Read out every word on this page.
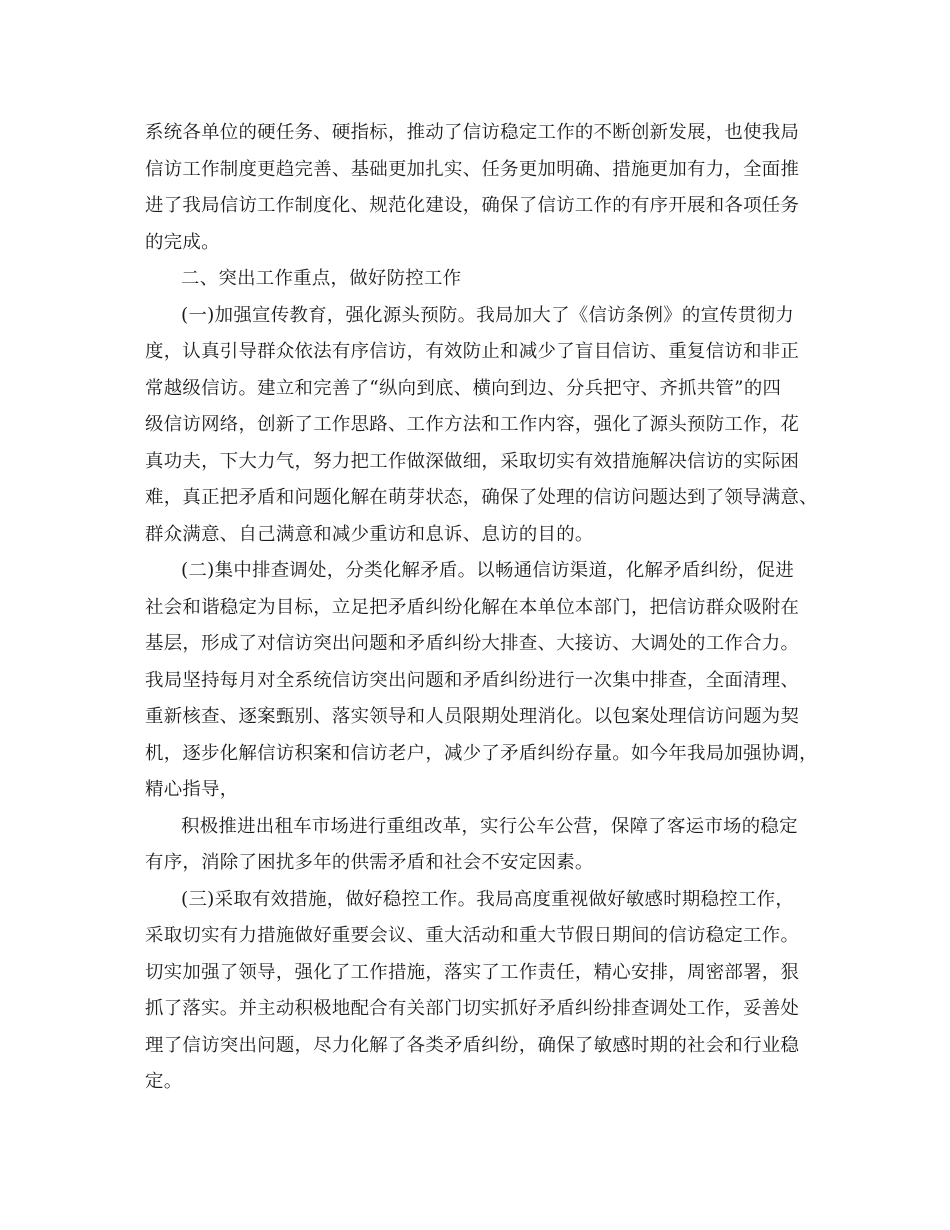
系统各单位的硬任务、硬指标，推动了信访稳定工作的不断创新发展，也使我局
信访工作制度更趋完善、基础更加扎实、任务更加明确、措施更加有力，全面推
进了我局信访工作制度化、规范化建设，确保了信访工作的有序开展和各项任务
的完成。
二、突出工作重点，做好防控工作
(一)加强宣传教育，强化源头预防。我局加大了《信访条例》的宣传贯彻力
度，认真引导群众依法有序信访，有效防止和减少了盲目信访、重复信访和非正
常越级信访。建立和完善了“纵向到底、横向到边、分兵把守、齐抓共管”的四
级信访网络，创新了工作思路、工作方法和工作内容，强化了源头预防工作，花
真功夫，下大力气，努力把工作做深做细，采取切实有效措施解决信访的实际困
难，真正把矛盾和问题化解在萌芽状态，确保了处理的信访问题达到了领导满意、
群众满意、自己满意和减少重访和息诉、息访的目的。
(二)集中排查调处，分类化解矛盾。以畅通信访渠道，化解矛盾纠纷，促进
社会和谐稳定为目标，立足把矛盾纠纷化解在本单位本部门，把信访群众吸附在
基层，形成了对信访突出问题和矛盾纠纷大排查、大接访、大调处的工作合力。
我局坚持每月对全系统信访突出问题和矛盾纠纷进行一次集中排查，全面清理、
重新核查、逐案甄别、落实领导和人员限期处理消化。以包案处理信访问题为契
机，逐步化解信访积案和信访老户，减少了矛盾纠纷存量。如今年我局加强协调，
精心指导，
积极推进出租车市场进行重组改革，实行公车公营，保障了客运市场的稳定
有序，消除了困扰多年的供需矛盾和社会不安定因素。
(三)采取有效措施，做好稳控工作。我局高度重视做好敏感时期稳控工作，
采取切实有力措施做好重要会议、重大活动和重大节假日期间的信访稳定工作。
切实加强了领导，强化了工作措施，落实了工作责任，精心安排，周密部署，狠
抓了落实。并主动积极地配合有关部门切实抓好矛盾纠纷排查调处工作，妥善处
理了信访突出问题，尽力化解了各类矛盾纠纷，确保了敏感时期的社会和行业稳
定。
